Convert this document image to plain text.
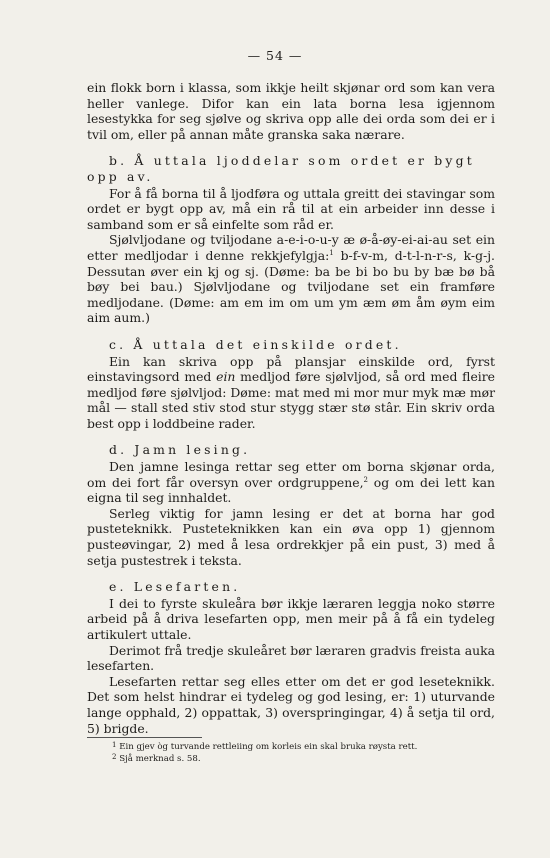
— 54 —

ein flokk born i klassa, som ikkje heilt skjønar ord som kan vera heller vanlege. Difor kan ein lata borna lesa igjennom lesestykka for seg sjølve og skriva opp alle dei orda som dei er i tvil om, eller på annan måte granska saka nærare.

b. Å uttala ljoddelar som ordet er bygt opp av.

For å få borna til å ljodføra og uttala greitt dei stavingar som ordet er bygt opp av, må ein rå til at ein arbeider inn desse i samband som er så einfelte som råd er.

Sjølvljodane og tviljodane a-e-i-o-u-y æ ø-å-øy-ei-ai-au set ein etter medljodar i denne rekkjefylgja:$^1$ b-f-v-m, d-t-l-n-r-s, k-g-j. Dessutan øver ein kj og sj. (Døme: ba be bi bo bu by bæ bø bå bøy bei bau.) Sjølvljodane og tviljodane set ein framføre medljodane. (Døme: am em im om um ym æm øm åm øym eim aim aum.)

c. Å uttala det einskilde ordet.

Ein kan skriva opp på plansjar einskilde ord, fyrst einstavingsord med ein medljod føre sjølvljod, så ord med fleire medljod føre sjølvljod: Døme: mat med mi mor mur myk mæ mør mål — stall sted stiv stod stur stygg stær stø stâr. Ein skriv orda best opp i loddbeine rader.

d. Jamn lesing.

Den jamne lesinga rettar seg etter om borna skjønar orda, om dei fort får oversyn over ordgruppene,$^2$ og om dei lett kan eigna til seg innhaldet.

Serleg viktig for jamn lesing er det at borna har god pusteteknikk. Pusteteknikken kan ein øva opp 1) gjennom pusteøvingar, 2) med å lesa ordrekkjer på ein pust, 3) med å setja pustestrek i teksta.

e. Lesefarten.

I dei to fyrste skuleåra bør ikkje læraren leggja noko større arbeid på å driva lesefarten opp, men meir på å få ein tydeleg artikulert uttale.

Derimot frå tredje skuleåret bør læraren gradvis freista auka lesefarten.

Lesefarten rettar seg elles etter om det er god leseteknikk. Det som helst hindrar ei tydeleg og god lesing, er: 1) uturvande lange opphald, 2) oppattak, 3) overspringingar, 4) å setja til ord, 5) brigde.

$^1$ Ein gjev òg turvande rettleiing om korleis ein skal bruka røysta rett.
$^2$ Sjå merknad s. 58.
